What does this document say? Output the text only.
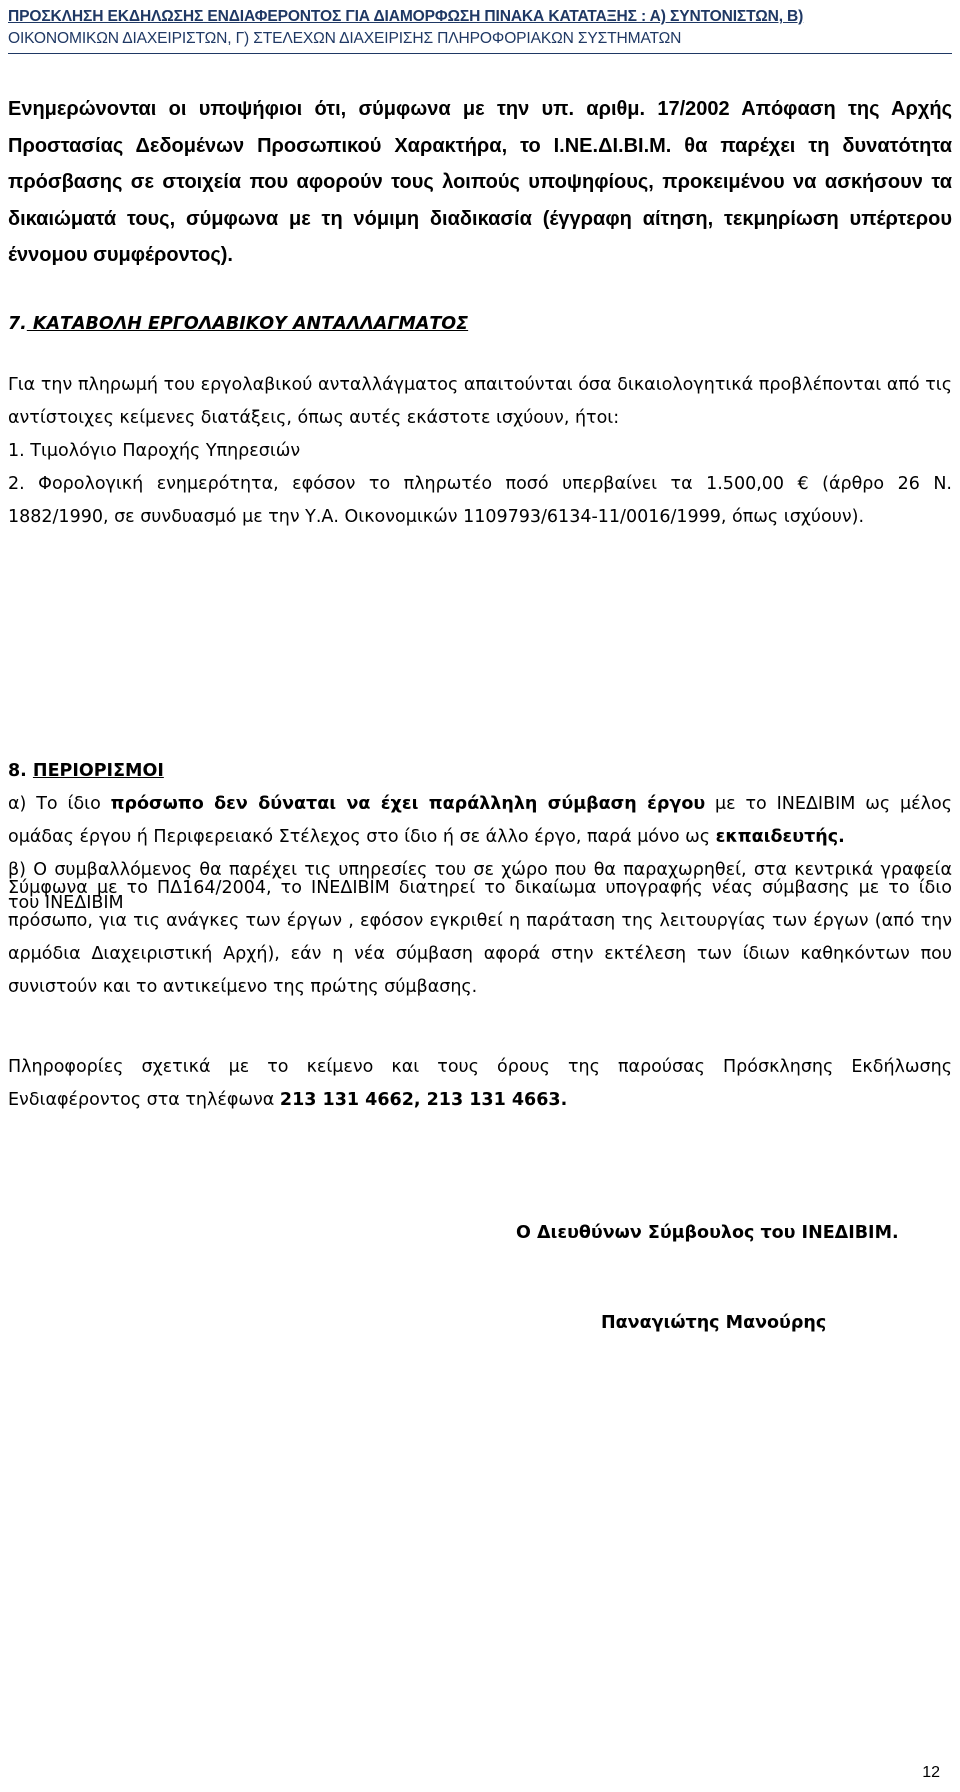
ΠΡΟΣΚΛΗΣΗ ΕΚΔΗΛΩΣΗΣ ΕΝΔΙΑΦΕΡΟΝΤΟΣ ΓΙΑ ΔΙΑΜΟΡΦΩΣΗ ΠΙΝΑΚΑ ΚΑΤΑΤΑΞΗΣ : Α) ΣΥΝΤΟΝΙΣΤΩΝ, Β)
ΟΙΚΟΝΟΜΙΚΩΝ ΔΙΑΧΕΙΡΙΣΤΩΝ, Γ) ΣΤΕΛΕΧΩΝ ΔΙΑΧΕΙΡΙΣΗΣ ΠΛΗΡΟΦΟΡΙΑΚΩΝ ΣΥΣΤΗΜΑΤΩΝ

Ενημερώνονται οι υποψήφιοι ότι, σύμφωνα με την υπ. αριθμ. 17/2002 Απόφαση της Αρχής Προστασίας Δεδομένων Προσωπικού Χαρακτήρα, το Ι.ΝΕ.ΔΙ.ΒΙ.Μ. θα παρέχει τη δυνατότητα πρόσβασης σε στοιχεία που αφορούν τους λοιπούς υποψηφίους, προκειμένου να ασκήσουν τα δικαιώματά τους, σύμφωνα με τη νόμιμη διαδικασία (έγγραφη αίτηση, τεκμηρίωση υπέρτερου έννομου συμφέροντος).

7. ΚΑΤΑΒΟΛΗ ΕΡΓΟΛΑΒΙΚΟΥ ΑΝΤΑΛΛΑΓΜΑΤΟΣ

Για την πληρωμή του εργολαβικού ανταλλάγματος απαιτούνται όσα δικαιολογητικά προβλέπονται από τις αντίστοιχες κείμενες διατάξεις, όπως αυτές εκάστοτε ισχύουν, ήτοι:

1. Τιμολόγιο Παροχής Υπηρεσιών

2. Φορολογική ενημερότητα, εφόσον το πληρωτέο ποσό υπερβαίνει τα 1.500,00 € (άρθρο 26 Ν. 1882/1990, σε συνδυασμό με την Υ.Α. Οικονομικών 1109793/6134-11/0016/1999, όπως ισχύουν).

8. ΠΕΡΙΟΡΙΣΜΟΙ

α) Το ίδιο πρόσωπο δεν δύναται να έχει παράλληλη σύμβαση έργου με το ΙΝΕΔΙΒΙΜ ως μέλος ομάδας έργου ή Περιφερειακό Στέλεχος στο ίδιο ή σε άλλο έργο, παρά μόνο ως εκπαιδευτής.

β) Ο συμβαλλόμενος θα παρέχει τις υπηρεσίες του σε χώρο που θα παραχωρηθεί, στα κεντρικά γραφεία του ΙΝΕΔΙΒΙΜ

Σύμφωνα με το ΠΔ164/2004, το ΙΝΕΔΙΒΙΜ διατηρεί το δικαίωμα υπογραφής νέας σύμβασης με το ίδιο πρόσωπο, για τις ανάγκες των έργων , εφόσον εγκριθεί η παράταση της λειτουργίας των έργων (από την αρμόδια Διαχειριστική Αρχή), εάν η νέα σύμβαση αφορά στην εκτέλεση των ίδιων καθηκόντων που συνιστούν και το αντικείμενο της πρώτης σύμβασης.

Πληροφορίες σχετικά με το κείμενο και τους όρους της παρούσας Πρόσκλησης Εκδήλωσης Ενδιαφέροντος στα τηλέφωνα 213 131 4662, 213 131 4663.

Ο Διευθύνων Σύμβουλος του ΙΝΕΔΙΒΙΜ.
Παναγιώτης Μανούρης
12
